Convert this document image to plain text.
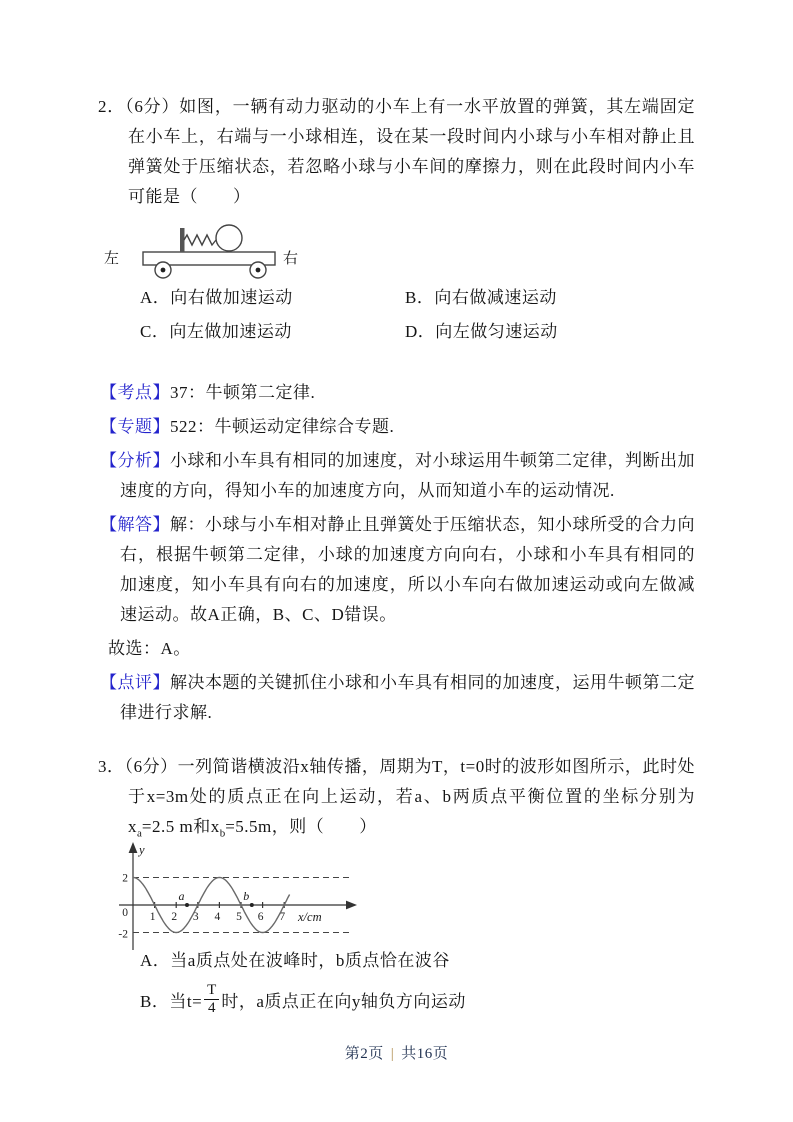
2．（6分）如图，一辆有动力驱动的小车上有一水平放置的弹簧，其左端固定在小车上，右端与一小球相连，设在某一段时间内小球与小车相对静止且弹簧处于压缩状态，若忽略小球与小车间的摩擦力，则在此段时间内小车可能是（　　）

左	右
A．向右做加速运动	B．向右做减速运动
C．向左做加速运动	D．向左做匀速运动

【考点】37：牛顿第二定律.

【专题】522：牛顿运动定律综合专题.

【分析】小球和小车具有相同的加速度，对小球运用牛顿第二定律，判断出加速度的方向，得知小车的加速度方向，从而知道小车的运动情况.

【解答】解：小球与小车相对静止且弹簧处于压缩状态，知小球所受的合力向右，根据牛顿第二定律，小球的加速度方向向右，小球和小车具有相同的加速度，知小车具有向右的加速度，所以小车向右做加速运动或向左做减速运动。故A正确，B、C、D错误。

故选：A。

【点评】解决本题的关键抓住小球和小车具有相同的加速度，运用牛顿第二定律进行求解.

3．（6分）一列简谐横波沿x轴传播，周期为T，t=0时的波形如图所示，此时处于x=3m处的质点正在向上运动，若a、b两质点平衡位置的坐标分别为$x_a=2.5$ m和$x_b=5.5m$，则（　　）

y
x/cm
1 2 3 4 5 6 7
2
0
-2
a	b
A．当a质点处在波峰时，b质点恰在波谷
B． 当$t= \frac{T}{4}$ 时，a质点正在向y轴负方向运动
第2页 | 共16页
